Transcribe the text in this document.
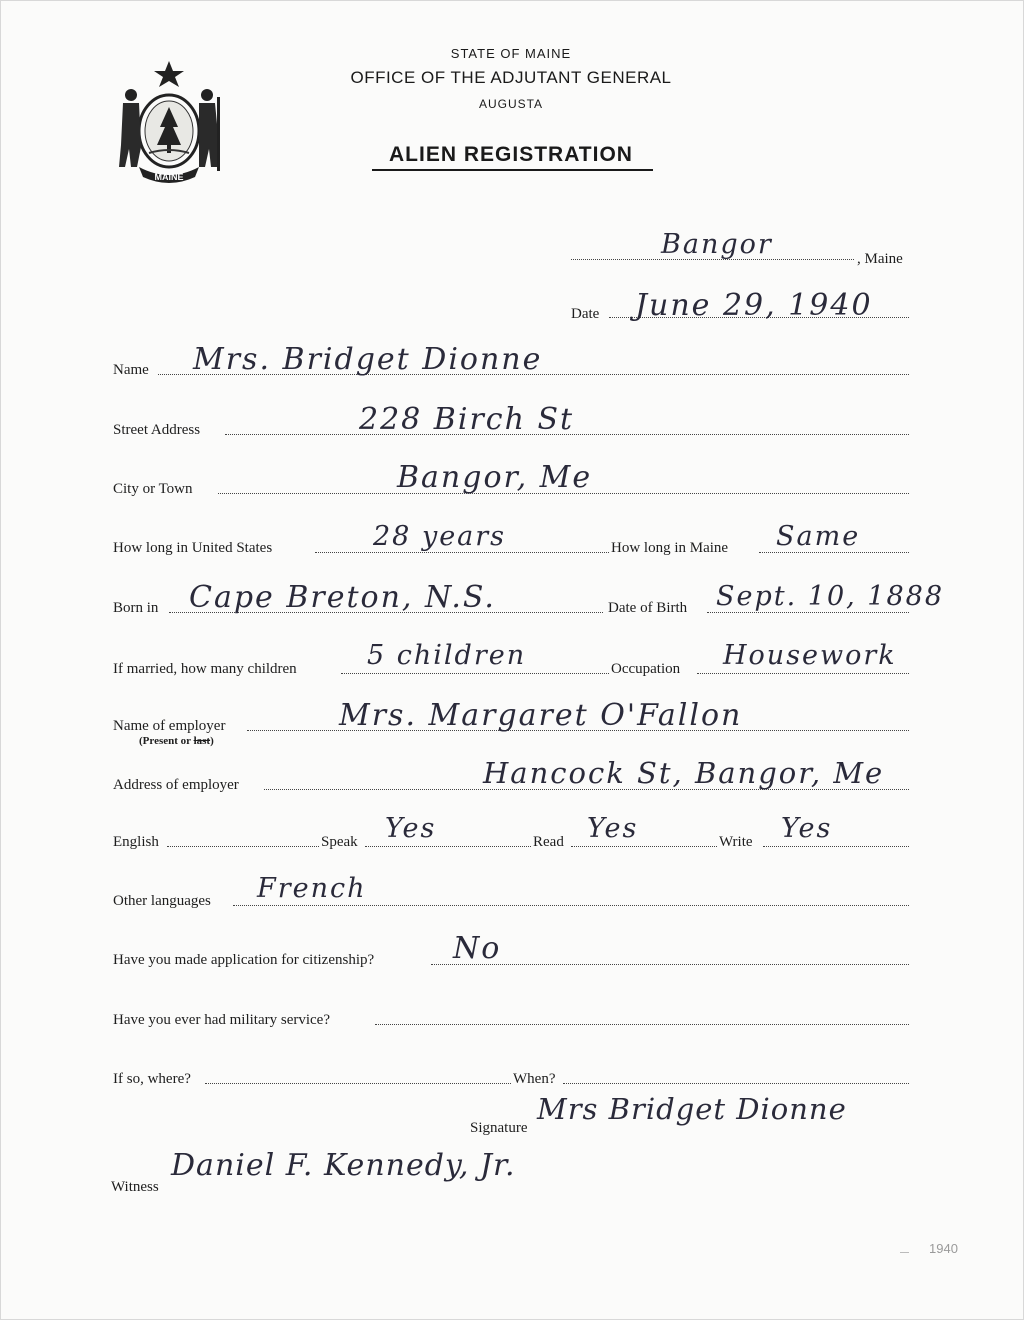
MAINE
STATE OF MAINE
OFFICE OF THE ADJUTANT GENERAL
AUGUSTA
ALIEN REGISTRATION
Bangor	, Maine
Date June 29, 1940
Name Mrs. Bridget Dionne
Street Address	228 Birch St
City or Town	Bangor, Me
How long in United States	28 years	How long in Maine Same
Born in Cape Breton, N.S.	Date of Birth Sept. 10, 1888
If married, how many children	5 children	Occupation Housework
Name of employer
(Present or last)
Mrs. Margaret O'Fallon
Address of employer	Hancock St, Bangor, Me
English	Speak Yes	Read Yes	Write Yes
Other languages French
Have you made application for citizenship?	No
Have you ever had military service?
If so, where?	When?
Signature
Mrs Bridget Dionne
Witness
Daniel F. Kennedy, Jr.
1940
